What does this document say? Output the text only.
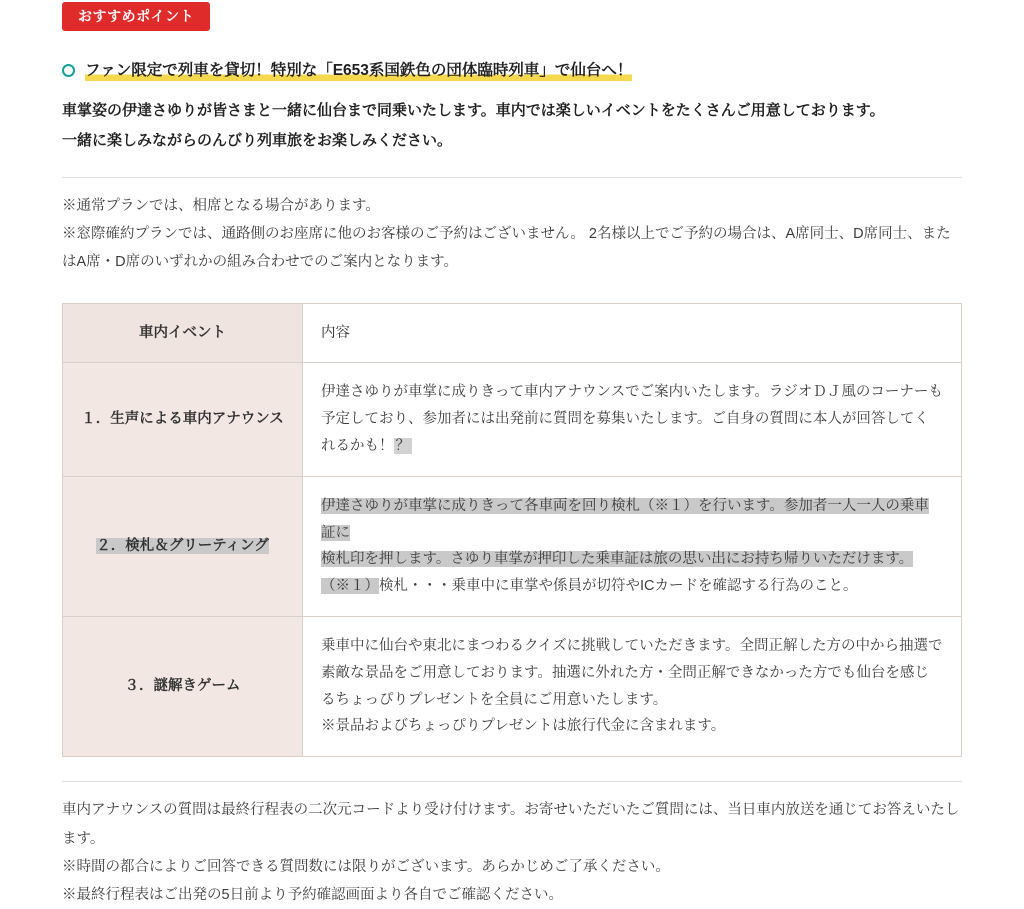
おすすめポイント
ファン限定で列車を貸切！特別な「E653系国鉄色の団体臨時列車」で仙台へ！
車掌姿の伊達さゆりが皆さまと一緒に仙台まで同乗いたします。車内では楽しいイベントをたくさんご用意しております。
一緒に楽しみながらのんびり列車旅をお楽しみください。

※通常プランでは、相席となる場合があります。

※窓際確約プランでは、通路側のお座席に他のお客様のご予約はございません。 2名様以上でご予約の場合は、A席同士、D席同士、またはA席・D席のいずれかの組み合わせでのご案内となります。

車内イベント	内容
１．生声による車内アナウンス	伊達さゆりが車掌に成りきって車内アナウンスでご案内いたします。ラジオＤＪ風のコーナーも予定しており、参加者には出発前に質問を募集いたします。ご自身の質問に本人が回答してくれるかも！ ？

２．検札＆グリーティング	伊達さゆりが車掌に成りきって各車両を回り検札（※１）を行います。参加者一人一人の乗車証に

検札印を押します。さゆり車掌が押印した乗車証は旅の思い出にお持ち帰りいただけます。

（※１）検札・・・乗車中に車掌や係員が切符やICカードを確認する行為のこと。

３．謎解きゲーム	乗車中に仙台や東北にまつわるクイズに挑戦していただきます。全問正解した方の中から抽選で素敵な景品をご用意しております。抽選に外れた方・全問正解できなかった方でも仙台を感じるちょっぴりプレゼントを全員にご用意いたします。

※景品およびちょっぴりプレゼントは旅行代金に含まれます。

車内アナウンスの質問は最終行程表の二次元コードより受け付けます。お寄せいただいたご質問には、当日車内放送を通じてお答えいたします。

※時間の都合によりご回答できる質問数には限りがございます。あらかじめご了承ください。

※最終行程表はご出発の5日前より予約確認画面より各自でご確認ください。
